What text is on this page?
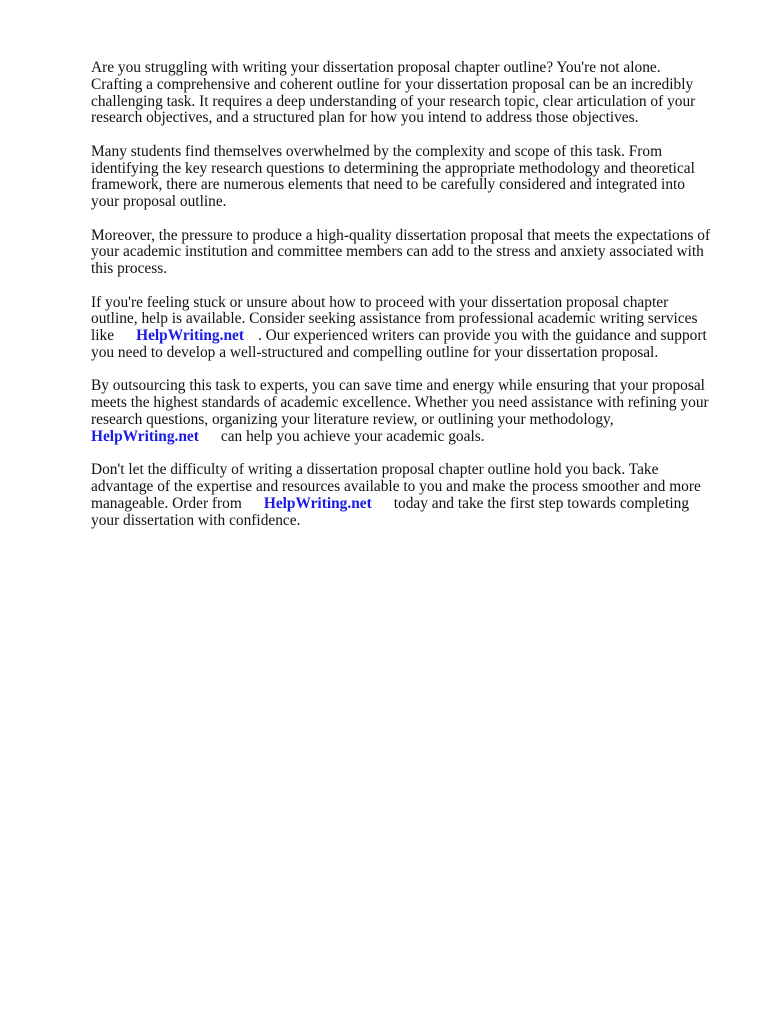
Are you struggling with writing your dissertation proposal chapter outline? You're not alone.
Crafting a comprehensive and coherent outline for your dissertation proposal can be an incredibly
challenging task. It requires a deep understanding of your research topic, clear articulation of your
research objectives, and a structured plan for how you intend to address those objectives.

Many students find themselves overwhelmed by the complexity and scope of this task. From
identifying the key research questions to determining the appropriate methodology and theoretical
framework, there are numerous elements that need to be carefully considered and integrated into
your proposal outline.

Moreover, the pressure to produce a high-quality dissertation proposal that meets the expectations of
your academic institution and committee members can add to the stress and anxiety associated with
this process.

If you're feeling stuck or unsure about how to proceed with your dissertation proposal chapter
outline, help is available. Consider seeking assistance from professional academic writing services
like HelpWriting.net . Our experienced writers can provide you with the guidance and support
you need to develop a well-structured and compelling outline for your dissertation proposal.

By outsourcing this task to experts, you can save time and energy while ensuring that your proposal
meets the highest standards of academic excellence. Whether you need assistance with refining your
research questions, organizing your literature review, or outlining your methodology,
HelpWriting.net can help you achieve your academic goals.

Don't let the difficulty of writing a dissertation proposal chapter outline hold you back. Take
advantage of the expertise and resources available to you and make the process smoother and more
manageable. Order from HelpWriting.net today and take the first step towards completing
your dissertation with confidence.
